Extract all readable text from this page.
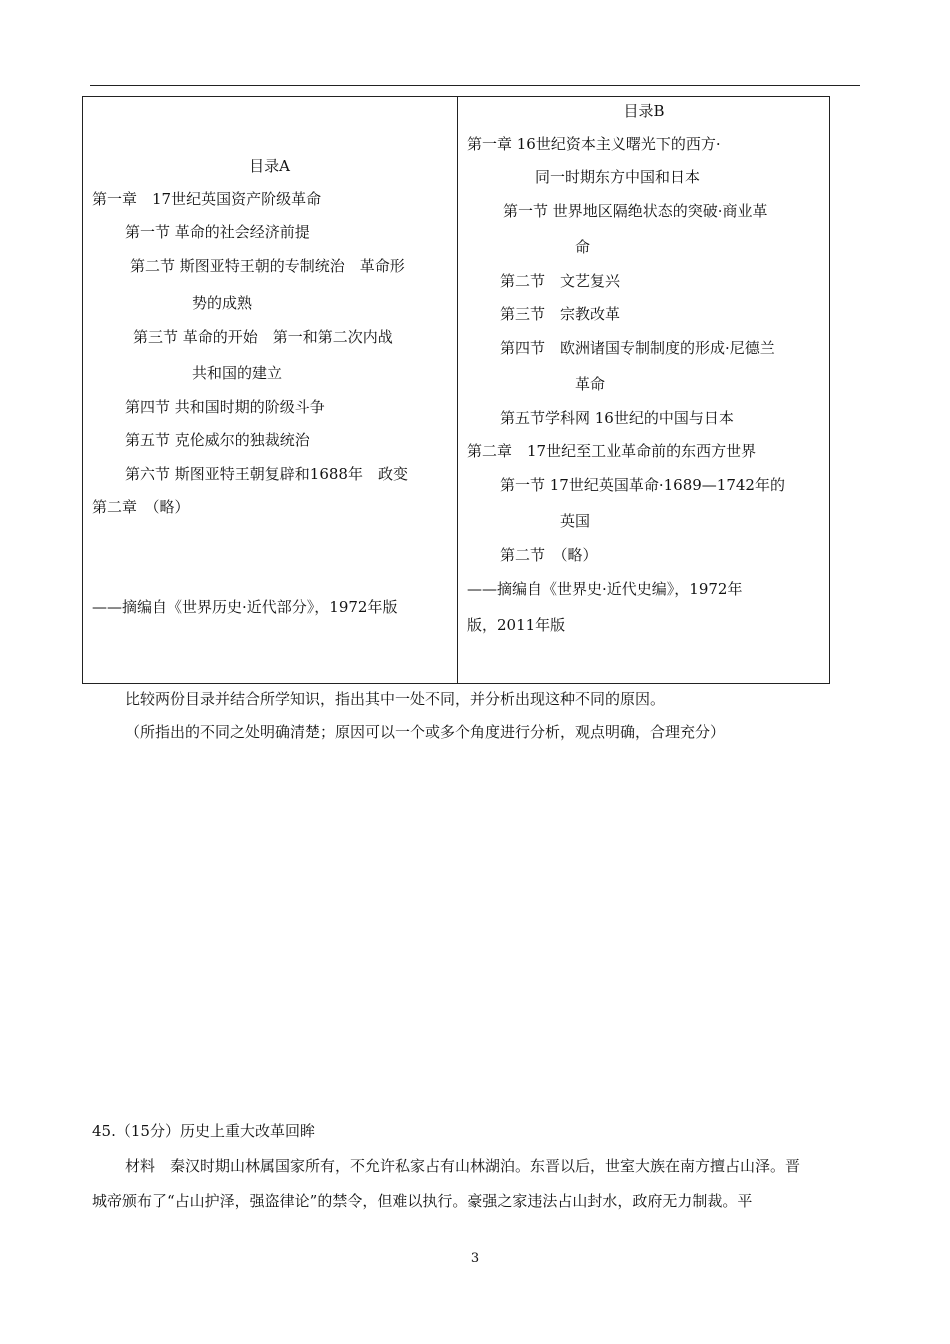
目录A
第一章　17世纪英国资产阶级革命
第一节 革命的社会经济前提
第二节 斯图亚特王朝的专制统治　革命形
势的成熟
第三节 革命的开始　第一和第二次内战
共和国的建立
第四节 共和国时期的阶级斗争
第五节 克伦威尔的独裁统治
第六节 斯图亚特王朝复辟和1688年　政变
第二章　（略）
——摘编自《世界历史·近代部分》，1972年版
目录B
第一章 16世纪资本主义曙光下的西方·
同一时期东方中国和日本
第一节 世界地区隔绝状态的突破·商业革
命
第二节　文艺复兴
第三节　宗教改革
第四节　欧洲诸国专制制度的形成·尼德兰
革命
第五节学科网 16世纪的中国与日本
第二章　17世纪至工业革命前的东西方世界
第一节 17世纪英国革命·1689—1742年的
英国
第二节　（略）
——摘编自《世界史·近代史编》，1972年
版，2011年版
比较两份目录并结合所学知识，指出其中一处不同，并分析出现这种不同的原因。
（所指出的不同之处明确清楚；原因可以一个或多个角度进行分析，观点明确，合理充分）
45.（15分）历史上重大改革回眸
材料　秦汉时期山林属国家所有，不允许私家占有山林湖泊。东晋以后，世室大族在南方擅占山泽。晋
城帝颁布了“占山护泽，强盗律论”的禁令，但难以执行。豪强之家违法占山封水，政府无力制裁。平
3
